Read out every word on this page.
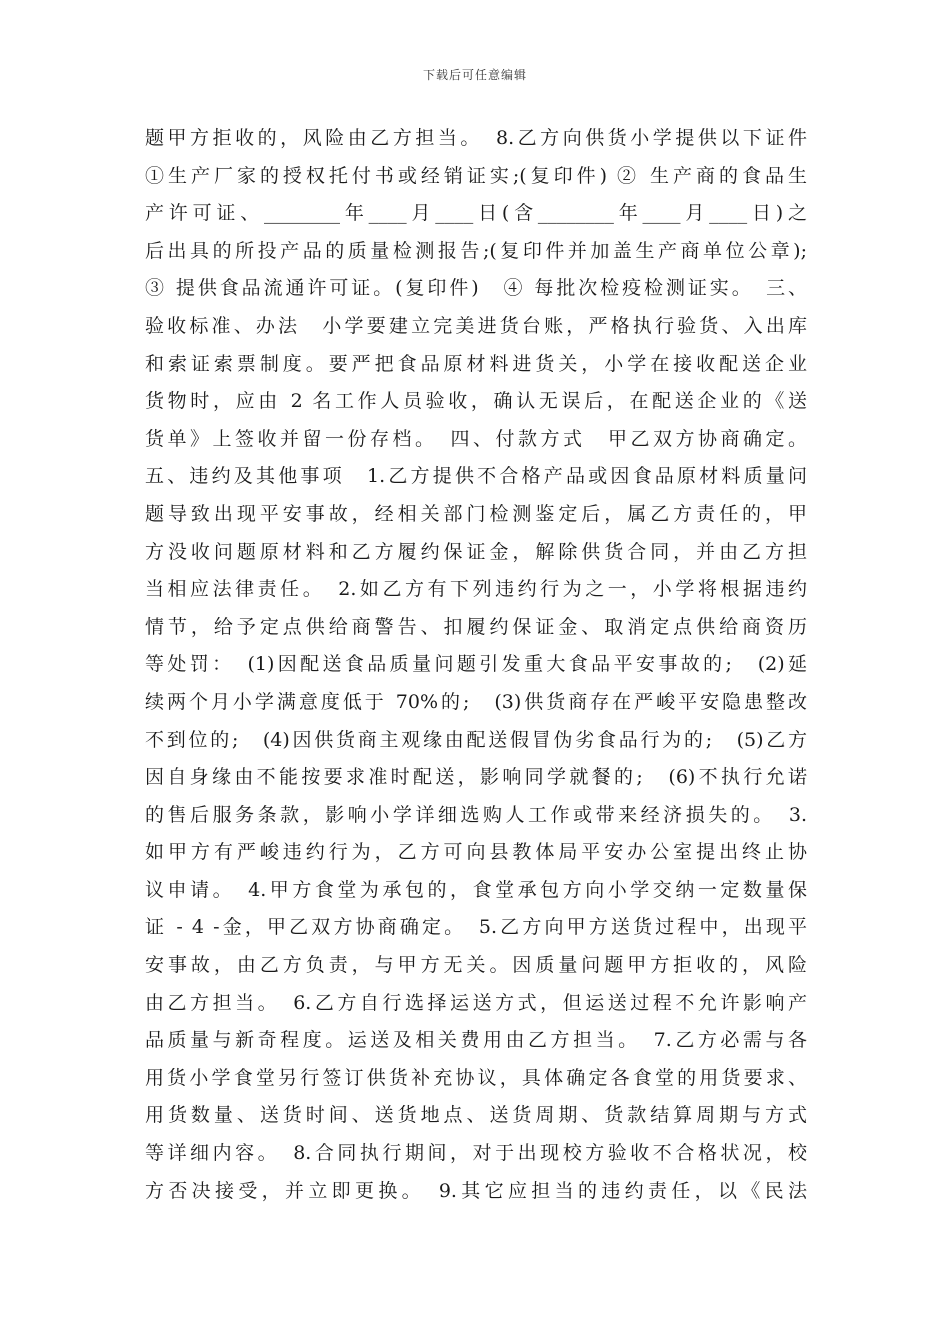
下载后可任意编辑
题甲方拒收的，风险由乙方担当。　8.乙方向供货小学提供以下证件
①生产厂家的授权托付书或经销证实;(复印件) ② 生产商的食品生
产许可证、________年____月____日(含________年____月____日)之
后出具的所投产品的质量检测报告;(复印件并加盖生产商单位公章);
③ 提供食品流通许可证。(复印件)　④ 每批次检疫检测证实。　三、
验收标准、办法　小学要建立完美进货台账，严格执行验货、入出库
和索证索票制度。要严把食品原材料进货关，小学在接收配送企业
货物时，应由 2 名工作人员验收，确认无误后，在配送企业的《送
货单》上签收并留一份存档。　四、付款方式　甲乙双方协商确定。
五、违约及其他事项　1.乙方提供不合格产品或因食品原材料质量问
题导致出现平安事故，经相关部门检测鉴定后，属乙方责任的，甲
方没收问题原材料和乙方履约保证金，解除供货合同，并由乙方担
当相应法律责任。　2.如乙方有下列违约行为之一，小学将根据违约
情节，给予定点供给商警告、扣履约保证金、取消定点供给商资历
等处罚：　(1)因配送食品质量问题引发重大食品平安事故的;　(2)延
续两个月小学满意度低于 70%的;　(3)供货商存在严峻平安隐患整改
不到位的;　(4)因供货商主观缘由配送假冒伪劣食品行为的;　(5)乙方
因自身缘由不能按要求准时配送，影响同学就餐的;　(6)不执行允诺
的售后服务条款，影响小学详细选购人工作或带来经济损失的。　3.
如甲方有严峻违约行为，乙方可向县教体局平安办公室提出终止协
议申请。　4.甲方食堂为承包的，食堂承包方向小学交纳一定数量保
证 - 4 -金，甲乙双方协商确定。　5.乙方向甲方送货过程中，出现平
安事故，由乙方负责，与甲方无关。因质量问题甲方拒收的，风险
由乙方担当。　6.乙方自行选择运送方式，但运送过程不允许影响产
品质量与新奇程度。运送及相关费用由乙方担当。　7.乙方必需与各
用货小学食堂另行签订供货补充协议，具体确定各食堂的用货要求、
用货数量、送货时间、送货地点、送货周期、货款结算周期与方式
等详细内容。　8.合同执行期间，对于出现校方验收不合格状况，校
方否决接受，并立即更换。　9.其它应担当的违约责任，以《民法
